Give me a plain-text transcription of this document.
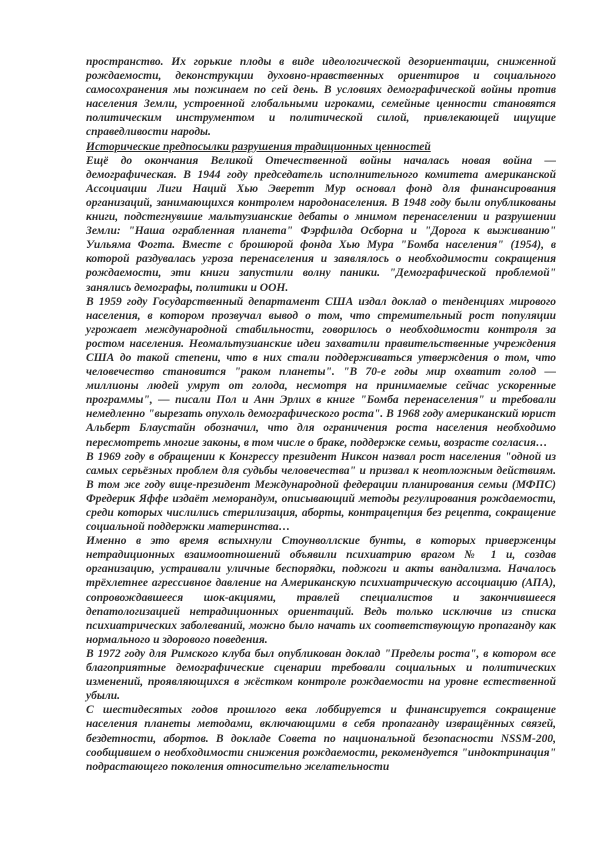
пространство. Их горькие плоды в виде идеологической дезориентации, сниженной рождаемости, деконструкции духовно-нравственных ориентиров и социального самосохранения мы пожинаем по сей день. В условиях демографической войны против населения Земли, устроенной глобальными игроками, семейные ценности становятся политическим инструментом и политической силой, привлекающей ищущие справедливости народы.

Исторические предпосылки разрушения традиционных ценностей

Ещё до окончания Великой Отечественной войны началась новая война — демографическая. В 1944 году председатель исполнительного комитета американской Ассоциации Лиги Наций Хью Эверетт Мур основал фонд для финансирования организаций, занимающихся контролем народонаселения. В 1948 году были опубликованы книги, подстегнувшие мальтузианские дебаты о мнимом перенаселении и разрушении Земли: "Наша ограбленная планета" Фэрфилда Осборна и "Дорога к выживанию" Уильяма Фогта. Вместе с брошюрой фонда Хью Мура "Бомба населения" (1954), в которой раздувалась угроза перенаселения и заявлялось о необходимости сокращения рождаемости, эти книги запустили волну паники. "Демографической проблемой" занялись демографы, политики и ООН.

В 1959 году Государственный департамент США издал доклад о тенденциях мирового населения, в котором прозвучал вывод о том, что стремительный рост популяции угрожает международной стабильности, говорилось о необходимости контроля за ростом населения. Неомальтузианские идеи захватили правительственные учреждения США до такой степени, что в них стали поддерживаться утверждения о том, что человечество становится "раком планеты". "В 70-е годы мир охватит голод — миллионы людей умрут от голода, несмотря на принимаемые сейчас ускоренные программы", — писали Пол и Анн Эрлих в книге "Бомба перенаселения" и требовали немедленно "вырезать опухоль демографического роста". В 1968 году американский юрист Альберт Блаустайн обозначил, что для ограничения роста населения необходимо пересмотреть многие законы, в том числе о браке, поддержке семьи, возрасте согласия…

В 1969 году в обращении к Конгрессу президент Никсон назвал рост населения "одной из самых серьёзных проблем для судьбы человечества" и призвал к неотложным действиям. В том же году вице-президент Международной федерации планирования семьи (МФПС) Фредерик Яффе издаёт меморандум, описывающий методы регулирования рождаемости, среди которых числились стерилизация, аборты, контрацепция без рецепта, сокращение социальной поддержки материнства…

Именно в это время вспыхнули Стоунволлские бунты, в которых приверженцы нетрадиционных взаимоотношений объявили психиатрию врагом № 1 и, создав организацию, устраивали уличные беспорядки, поджоги и акты вандализма. Началось трёхлетнее агрессивное давление на Американскую психиатрическую ассоциацию (АПА), сопровождавшееся шок-акциями, травлей специалистов и закончившееся депатологизацией нетрадиционных ориентаций. Ведь только исключив из списка психиатрических заболеваний, можно было начать их соответствующую пропаганду как нормального и здорового поведения.

В 1972 году для Римского клуба был опубликован доклад "Пределы роста", в котором все благоприятные демографические сценарии требовали социальных и политических изменений, проявляющихся в жёстком контроле рождаемости на уровне естественной убыли.

С шестидесятых годов прошлого века лоббируется и финансируется сокращение населения планеты методами, включающими в себя пропаганду извращённых связей, бездетности, абортов. В докладе Совета по национальной безопасности NSSM-200, сообщившем о необходимости снижения рождаемости, рекомендуется "индоктринация" подрастающего поколения относительно желательности
